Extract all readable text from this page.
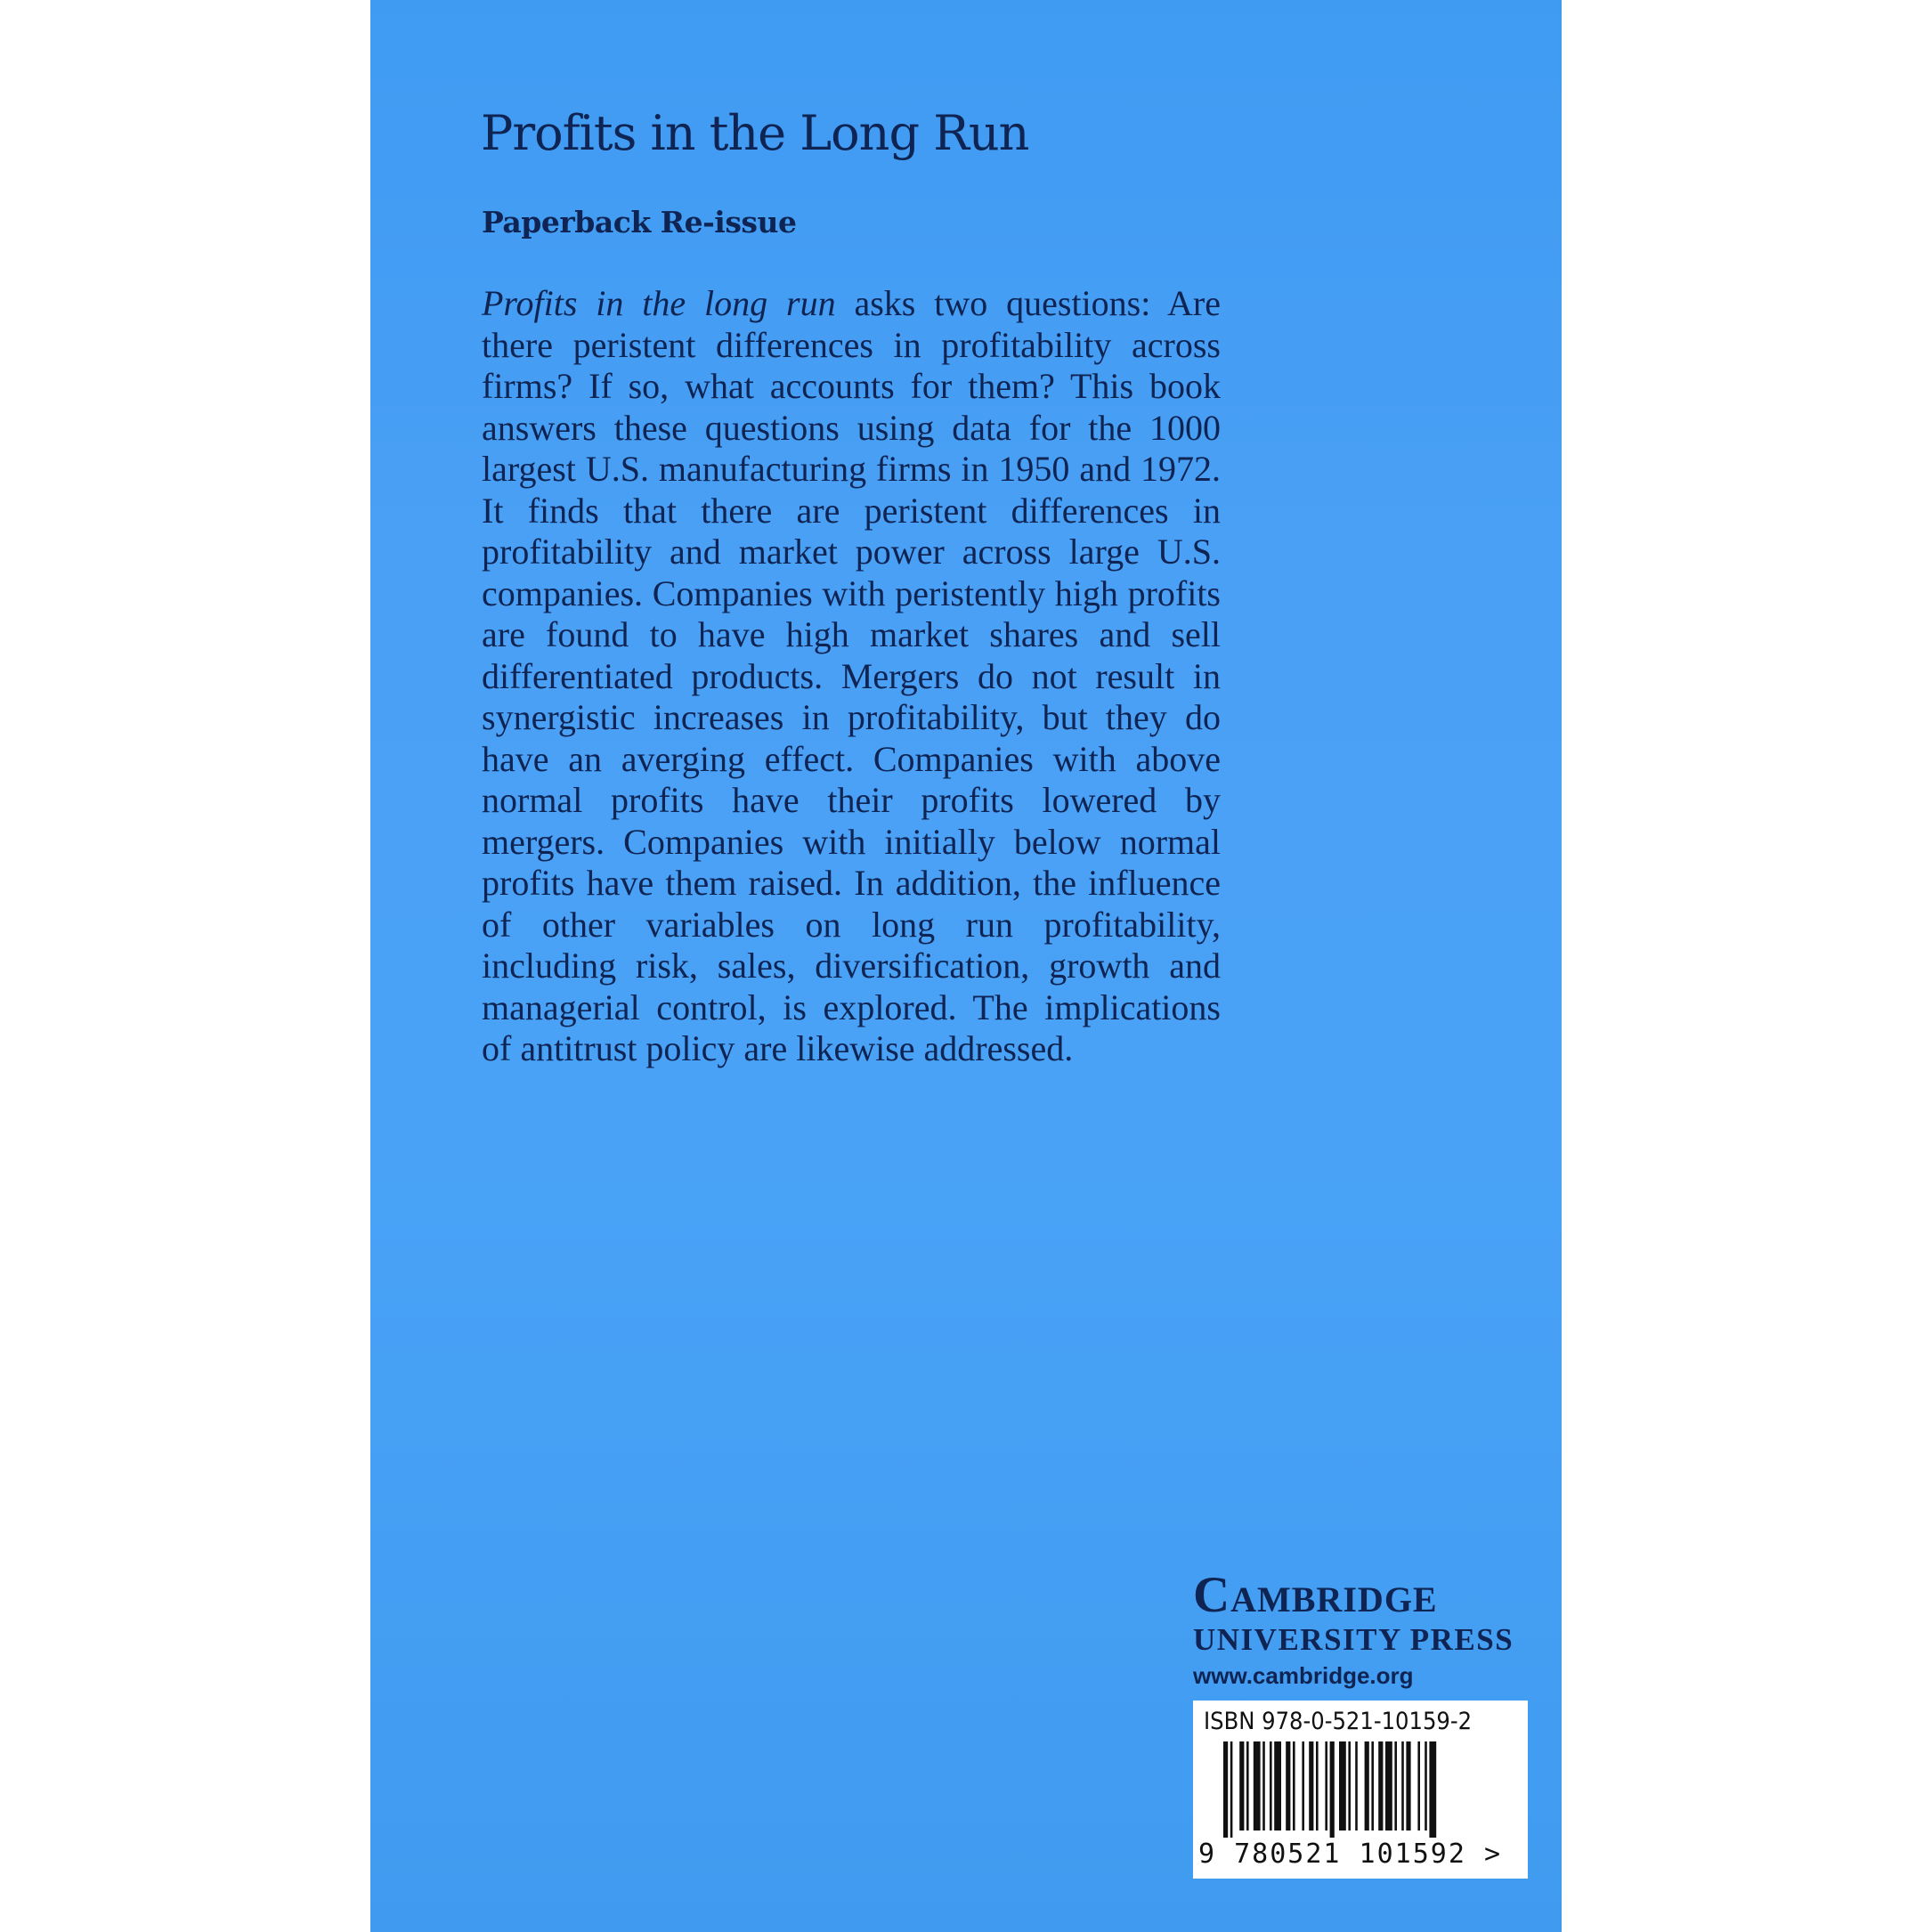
Profits in the Long Run
Paperback Re-issue

Profits in the long run asks two questions: Are there peristent differences in profitability across firms? If so, what accounts for them? This book answers these questions using data for the 1000 largest U.S. manufacturing firms in 1950 and 1972. It finds that there are peristent differences in profitability and market power across large U.S. companies. Companies with peristently high profits are found to have high market shares and sell differentiated products. Mergers do not result in synergistic increases in profitability, but they do have an averging effect. Companies with above normal profits have their profits lowered by mergers. Companies with initially below normal profits have them raised. In addition, the influence of other variables on long run profitability, including risk, sales, diversification, growth and managerial control, is explored. The implications of antitrust policy are likewise addressed.

Cambridge

UNIVERSITY PRESS

www.cambridge.org

ISBN 978-0-521-10159-2
9 780521 101592 >
